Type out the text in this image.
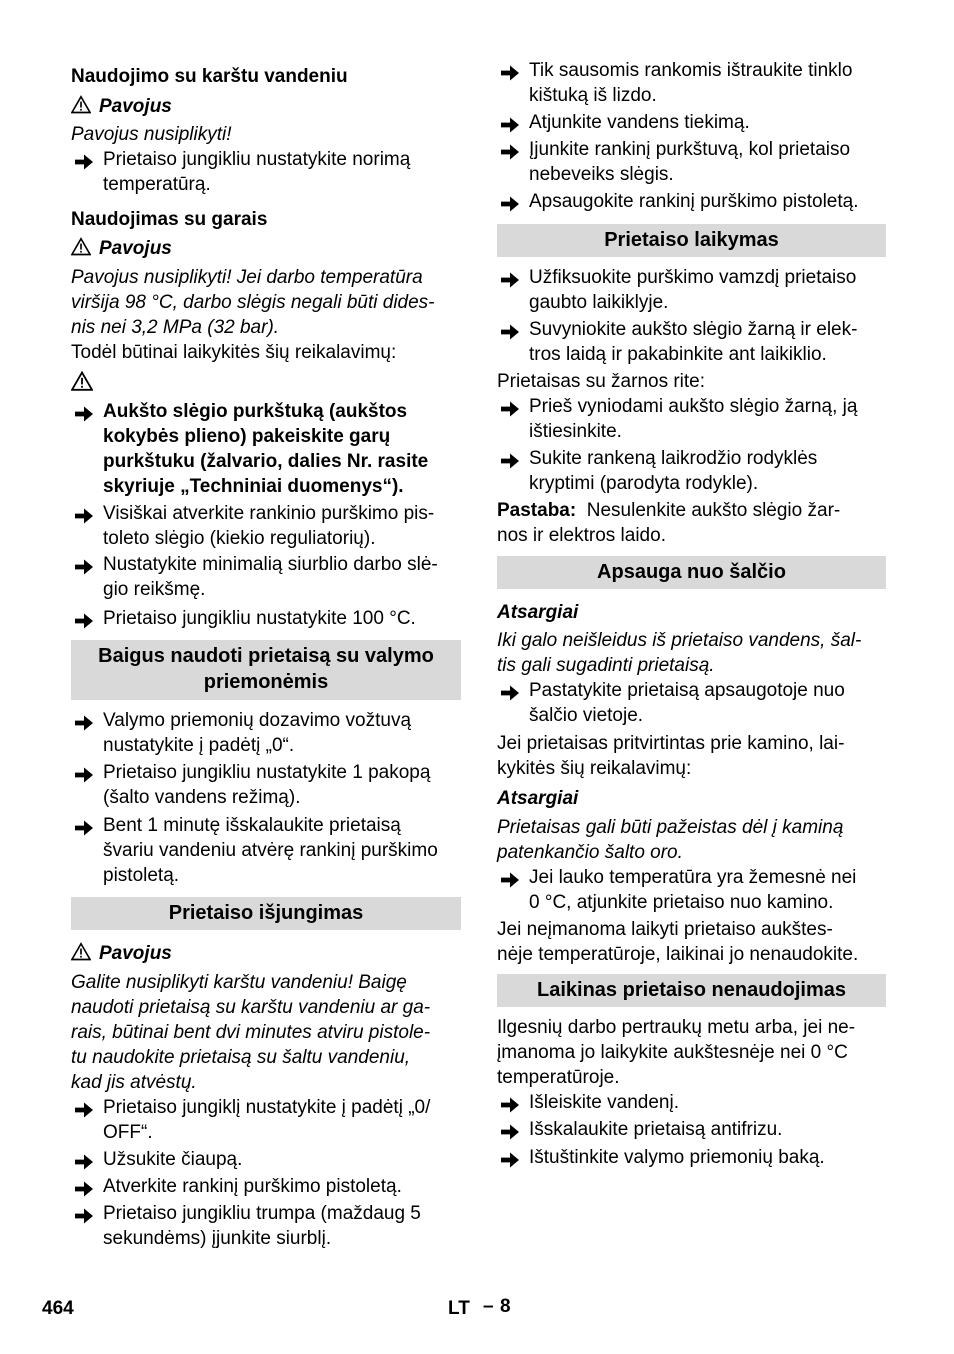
Naudojimo su karštu vandeniu
Pavojus
Pavojus nusiplikyti!
Prietaiso jungikliu nustatykite norimą
temperatūrą.
Naudojimas su garais
Pavojus
Pavojus nusiplikyti! Jei darbo temperatūra
viršija 98 °C, darbo slėgis negali būti dides-
nis nei 3,2 MPa (32 bar).
Todėl būtinai laikykitės šių reikalavimų:
Aukšto slėgio purkštuką (aukštos
kokybės plieno) pakeiskite garų
purkštuku (žalvario, dalies Nr. rasite
skyriuje „Techniniai duomenys“).
Visiškai atverkite rankinio purškimo pis-
toleto slėgio (kiekio reguliatorių).
Nustatykite minimalią siurblio darbo slė-
gio reikšmę.
Prietaiso jungikliu nustatykite 100 °C.
Baigus naudoti prietaisą su valymo
priemonėmis
Valymo priemonių dozavimo vožtuvą
nustatykite į padėtį „0“.
Prietaiso jungikliu nustatykite 1 pakopą
(šalto vandens režimą).
Bent 1 minutę išskalaukite prietaisą
švariu vandeniu atvėrę rankinį purškimo
pistoletą.
Prietaiso išjungimas
Pavojus
Galite nusiplikyti karštu vandeniu! Baigę
naudoti prietaisą su karštu vandeniu ar ga-
rais, būtinai bent dvi minutes atviru pistole-
tu naudokite prietaisą su šaltu vandeniu,
kad jis atvėstų.
Prietaiso jungiklį nustatykite į padėtį „0/
OFF“.
Užsukite čiaupą.
Atverkite rankinį purškimo pistoletą.
Prietaiso jungikliu trumpa (maždaug 5
sekundėms) įjunkite siurblį.
Tik sausomis rankomis ištraukite tinklo
kištuką iš lizdo.
Atjunkite vandens tiekimą.
Įjunkite rankinį purkštuvą, kol prietaiso
nebeveiks slėgis.
Apsaugokite rankinį purškimo pistoletą.
Prietaiso laikymas
Užfiksuokite purškimo vamzdį prietaiso
gaubto laikiklyje.
Suvyniokite aukšto slėgio žarną ir elek-
tros laidą ir pakabinkite ant laikiklio.
Prietaisas su žarnos rite:
Prieš vyniodami aukšto slėgio žarną, ją
ištiesinkite.
Sukite rankeną laikrodžio rodyklės
kryptimi (parodyta rodykle).
Pastaba: Nesulenkite aukšto slėgio žar-
nos ir elektros laido.
Apsauga nuo šalčio
Atsargiai
Iki galo neišleidus iš prietaiso vandens, šal-
tis gali sugadinti prietaisą.
Pastatykite prietaisą apsaugotoje nuo
šalčio vietoje.
Jei prietaisas pritvirtintas prie kamino, lai-
kykitės šių reikalavimų:
Atsargiai
Prietaisas gali būti pažeistas dėl į kaminą
patenkančio šalto oro.
Jei lauko temperatūra yra žemesnė nei
0 °C, atjunkite prietaiso nuo kamino.
Jei neįmanoma laikyti prietaiso aukštes-
nėje temperatūroje, laikinai jo nenaudokite.
Laikinas prietaiso nenaudojimas
Ilgesnių darbo pertraukų metu arba, jei ne-
įmanoma jo laikykite aukštesnėje nei 0 °C
temperatūroje.
Išleiskite vandenį.
Išskalaukite prietaisą antifrizu.
Ištuštinkite valymo priemonių baką.
464	LT – 8
